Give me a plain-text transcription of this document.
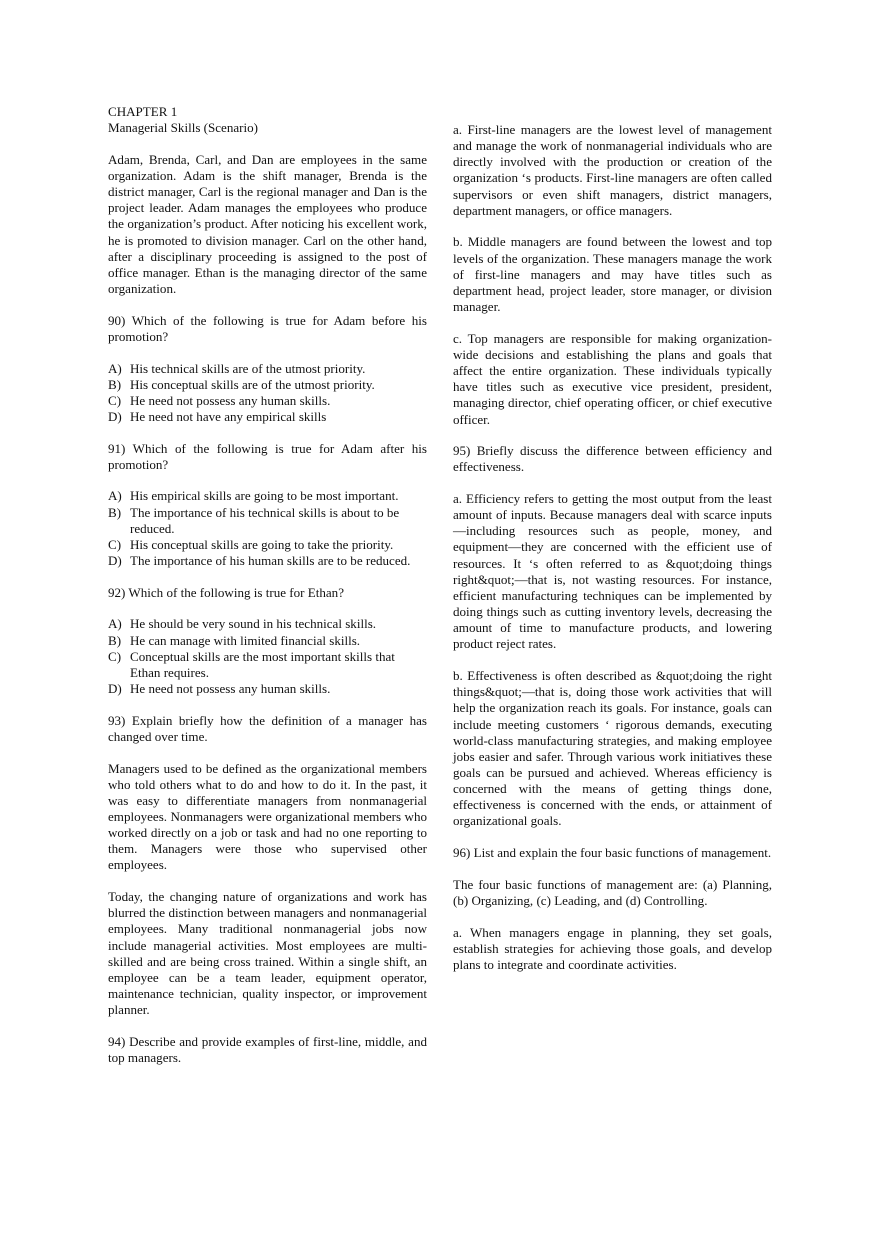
CHAPTER 1

Managerial Skills (Scenario)

Adam, Brenda, Carl, and Dan are employees in the same organization. Adam is the shift manager, Brenda is the district manager, Carl is the regional manager and Dan is the project leader. Adam manages the employees who produce the organization’s product. After noticing his excellent work, he is promoted to division manager. Carl on the other hand, after a disciplinary proceeding is assigned to the post of office manager. Ethan is the managing director of the same organization.

90) Which of the following is true for Adam before his promotion?

A) His technical skills are of the utmost priority.
B) His conceptual skills are of the utmost priority.
C) He need not possess any human skills.
D) He need not have any empirical skills

91) Which of the following is true for Adam after his promotion?

A) His empirical skills are going to be most important.
B) The importance of his technical skills is about to be reduced.
C) His conceptual skills are going to take the priority.
D) The importance of his human skills are to be reduced.

92) Which of the following is true for Ethan?

A) He should be very sound in his technical skills.
B) He can manage with limited financial skills.
C) Conceptual skills are the most important skills that Ethan requires.
D) He need not possess any human skills.

93) Explain briefly how the definition of a manager has changed over time.

Managers used to be defined as the organizational members who told others what to do and how to do it. In the past, it was easy to differentiate managers from nonmanagerial employees. Nonmanagers were organizational members who worked directly on a job or task and had no one reporting to them. Managers were those who supervised other employees.

Today, the changing nature of organizations and work has blurred the distinction between managers and nonmanagerial employees. Many traditional nonmanagerial jobs now include managerial activities. Most employees are multi-skilled and are being cross trained. Within a single shift, an employee can be a team leader, equipment operator, maintenance technician, quality inspector, or improvement planner.

94) Describe and provide examples of first-line, middle, and top managers.

a. First-line managers are the lowest level of management and manage the work of nonmanagerial individuals who are directly involved with the production or creation of the organization ‘s products. First-line managers are often called supervisors or even shift managers, district managers, department managers, or office managers.

b. Middle managers are found between the lowest and top levels of the organization. These managers manage the work of first-line managers and may have titles such as department head, project leader, store manager, or division manager.

c. Top managers are responsible for making organization-wide decisions and establishing the plans and goals that affect the entire organization. These individuals typically have titles such as executive vice president, president, managing director, chief operating officer, or chief executive officer.

95) Briefly discuss the difference between efficiency and effectiveness.

a. Efficiency refers to getting the most output from the least amount of inputs. Because managers deal with scarce inputs—including resources such as people, money, and equipment—they are concerned with the efficient use of resources. It ‘s often referred to as &quot;doing things right&quot;—that is, not wasting resources. For instance, efficient manufacturing techniques can be implemented by doing things such as cutting inventory levels, decreasing the amount of time to manufacture products, and lowering product reject rates.

b. Effectiveness is often described as &quot;doing the right things&quot;—that is, doing those work activities that will help the organization reach its goals. For instance, goals can include meeting customers ‘ rigorous demands, executing world-class manufacturing strategies, and making employee jobs easier and safer. Through various work initiatives these goals can be pursued and achieved. Whereas efficiency is concerned with the means of getting things done, effectiveness is concerned with the ends, or attainment of organizational goals.

96) List and explain the four basic functions of management.

The four basic functions of management are: (a) Planning, (b) Organizing, (c) Leading, and (d) Controlling.

a. When managers engage in planning, they set goals, establish strategies for achieving those goals, and develop plans to integrate and coordinate activities.
